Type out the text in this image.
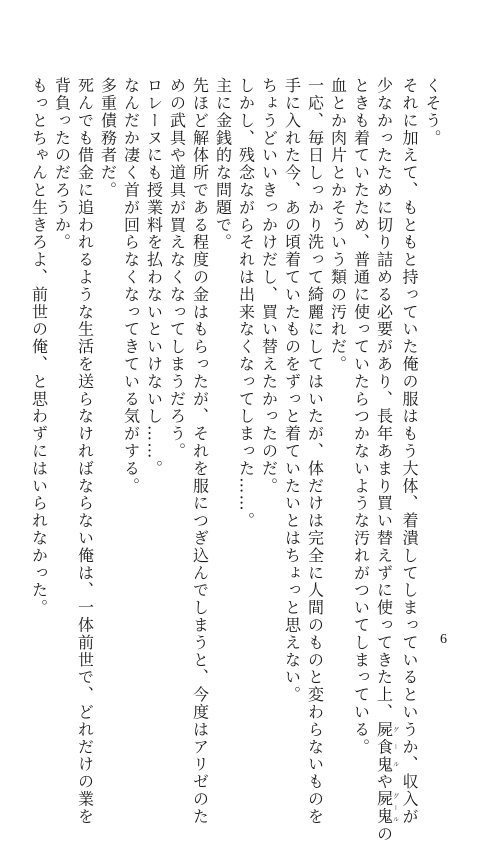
くそう。
それに加えて、もともと持っていた俺の服はもう大体、着潰してしまっているというか、収入が
少なかったために切り詰める必要があり、長年あまり買い替えずに使ってきた上、屍食鬼グールや屍鬼グールの
ときも着ていたため、普通に使っていたらつかないような汚れがついてしまっている。
血とか肉片とかそういう類の汚れだ。
一応、毎日しっかり洗って綺麗にしてはいたが、体だけは完全に人間のものと変わらないものを
手に入れた今、あの頃着ていたものをずっと着ていたいとはちょっと思えない。
ちょうどいいきっかけだし、買い替えたかったのだ。
しかし、残念ながらそれは出来なくなってしまった……。
主に金銭的な問題で。
先ほど解体所である程度の金はもらったが、それを服につぎ込んでしまうと、今度はアリゼのた
めの武具や道具が買えなくなってしまうだろう。
ロレーヌにも授業料を払わないといけないし……。
なんだか凄く首が回らなくなってきている気がする。
多重債務者だ。
死んでも借金に追われるような生活を送らなければならない俺は、一体前世で、どれだけの業を
背負ったのだろうか。
もっとちゃんと生きろよ、前世の俺、と思わずにはいられなかった。
6
